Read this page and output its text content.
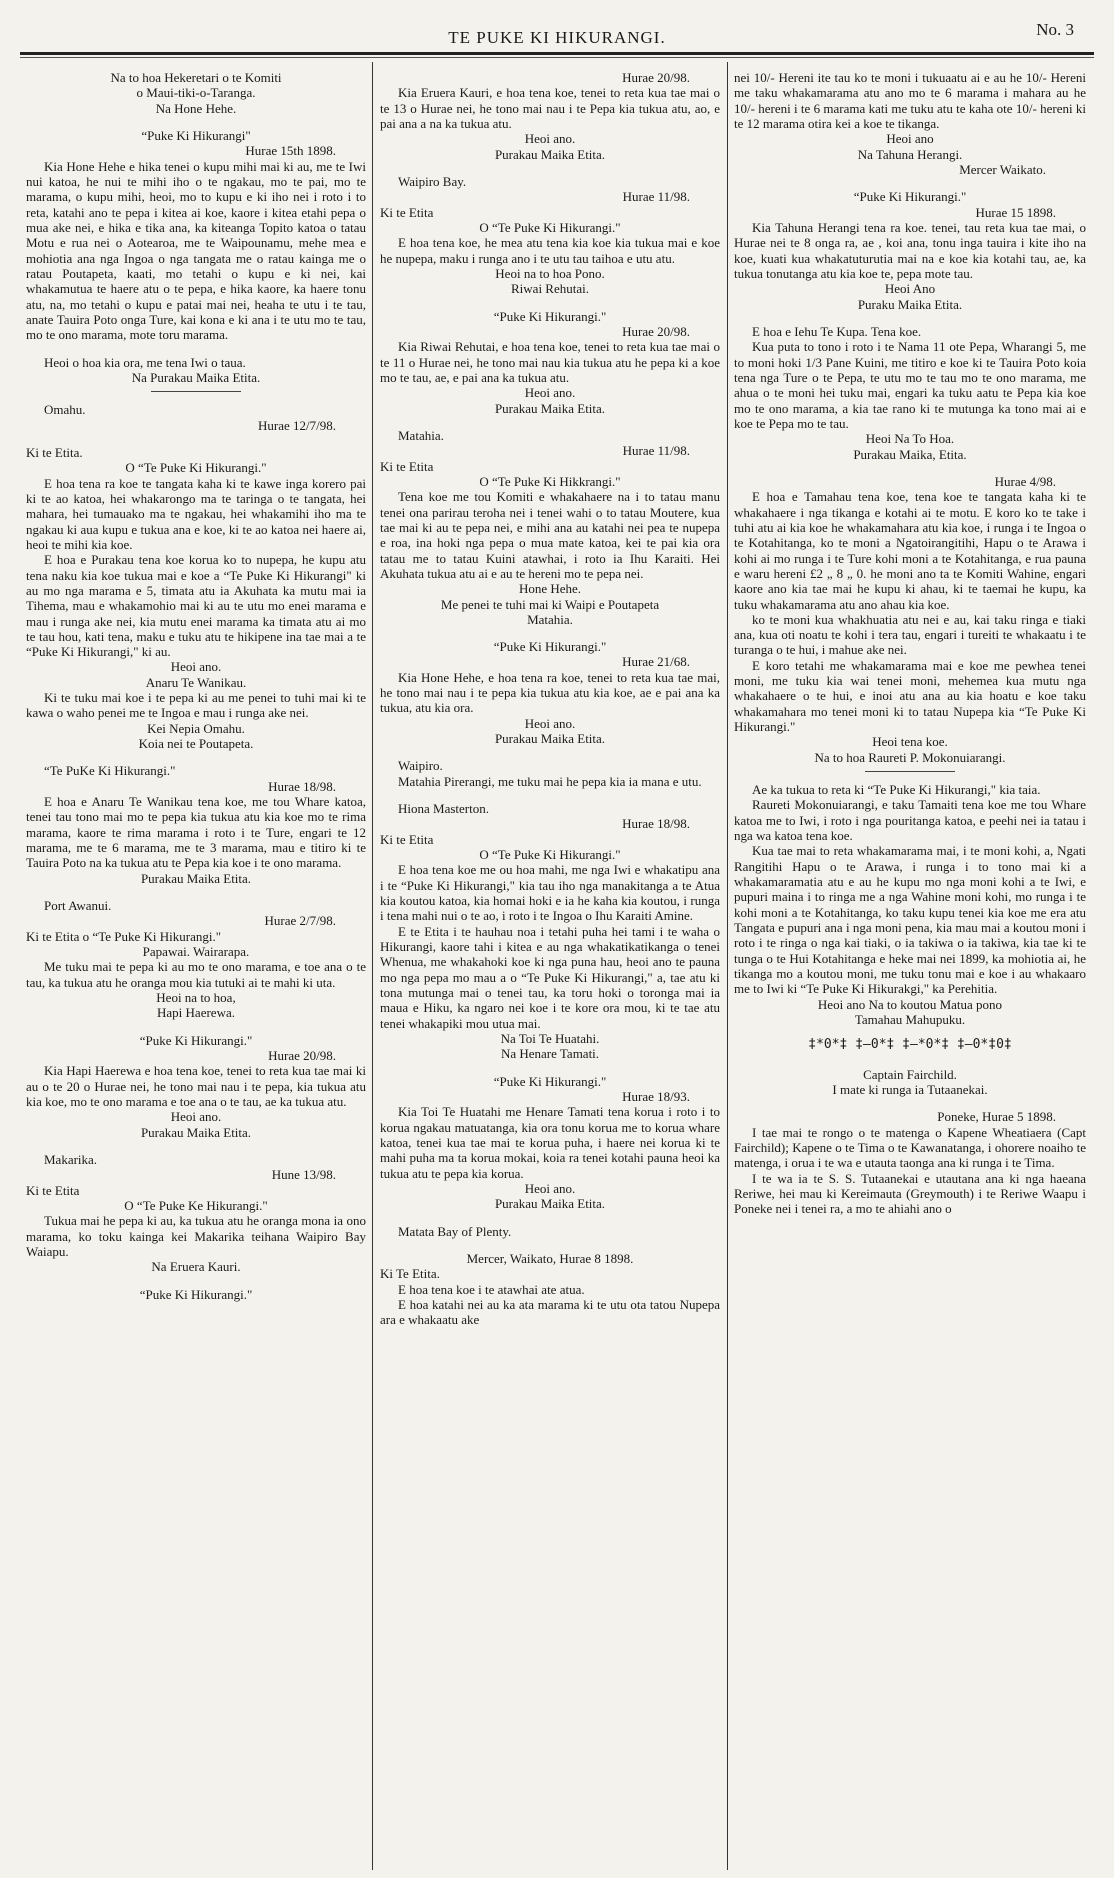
TE PUKE KI HIKURANGI.	No. 3

Na to hoa Hekeretari o te Komiti

o Maui-tiki-o-Taranga.

Na Hone Hehe.

“Puke Ki Hikurangi"

Hurae 15th 1898.

Kia Hone Hehe e hika tenei o kupu mihi mai ki au, me te Iwi nui katoa, he nui te mihi iho o te ngakau, mo te pai, mo te marama, o kupu mihi, heoi, mo to kupu e ki iho nei i roto i to reta, katahi ano te pepa i kitea ai koe, kaore i kitea etahi pepa o mua ake nei, e hika e tika ana, ka kiteanga Topito katoa o tatau Motu e rua nei o Aotearoa, me te Waipounamu, mehe mea e mohiotia ana nga Ingoa o nga tangata me o ratau kainga me o ratau Poutapeta, kaati, mo tetahi o kupu e ki nei, kai whakamutua te haere atu o te pepa, e hika kaore, ka haere tonu atu, na, mo tetahi o kupu e patai mai nei, heaha te utu i te tau, anate Tauira Poto onga Ture, kai kona e ki ana i te utu mo te tau, mo te ono marama, mote toru marama.

Heoi o hoa kia ora, me tena Iwi o taua.

Na Purakau Maika Etita.

Omahu.

Hurae 12/7/98.

Ki te Etita.

O “Te Puke Ki Hikurangi."

E hoa tena ra koe te tangata kaha ki te kawe inga korero pai ki te ao katoa, hei whakarongo ma te taringa o te tangata, hei mahara, hei tumauako ma te ngakau, hei whakamihi iho ma te ngakau ki aua kupu e tukua ana e koe, ki te ao katoa nei haere ai, heoi te mihi kia koe.

E hoa e Purakau tena koe korua ko to nupepa, he kupu atu tena naku kia koe tukua mai e koe a “Te Puke Ki Hikurangi" ki au mo nga marama e 5, timata atu ia Akuhata ka mutu mai ia Tihema, mau e whakamohio mai ki au te utu mo enei marama e mau i runga ake nei, kia mutu enei marama ka timata atu ai mo te tau hou, kati tena, maku e tuku atu te hikipene ina tae mai a te “Puke Ki Hikurangi," ki au.

Heoi ano.

Anaru Te Wanikau.

Ki te tuku mai koe i te pepa ki au me penei to tuhi mai ki te kawa o waho penei me te Ingoa e mau i runga ake nei.

Kei Nepia Omahu.

Koia nei te Poutapeta.

“Te PuKe Ki Hikurangi."

Hurae 18/98.

E hoa e Anaru Te Wanikau tena koe, me tou Whare katoa, tenei tau tono mai mo te pepa kia tukua atu kia koe mo te rima marama, kaore te rima marama i roto i te Ture, engari te 12 marama, me te 6 marama, me te 3 marama, mau e titiro ki te Tauira Poto na ka tukua atu te Pepa kia koe i te ono marama.

Purakau Maika Etita.

Port Awanui.

Hurae 2/7/98.

Ki te Etita o “Te Puke Ki Hikurangi."

Papawai. Wairarapa.

Me tuku mai te pepa ki au mo te ono marama, e toe ana o te tau, ka tukua atu he oranga mou kia tutuki ai te mahi ki uta.

Heoi na to hoa,

Hapi Haerewa.

“Puke Ki Hikurangi."

Hurae 20/98.

Kia Hapi Haerewa e hoa tena koe, tenei to reta kua tae mai ki au o te 20 o Hurae nei, he tono mai nau i te pepa, kia tukua atu kia koe, mo te ono marama e toe ana o te tau, ae ka tukua atu.

Heoi ano.

Purakau Maika Etita.

Makarika.

Hune 13/98.

Ki te Etita

O “Te Puke Ke Hikurangi."

Tukua mai he pepa ki au, ka tukua atu he oranga mona ia ono marama, ko toku kainga kei Makarika teihana Waipiro Bay Waiapu.

Na Eruera Kauri.

“Puke Ki Hikurangi."

Hurae 20/98.

Kia Eruera Kauri, e hoa tena koe, tenei to reta kua tae mai o te 13 o Hurae nei, he tono mai nau i te Pepa kia tukua atu, ao, e pai ana a na ka tukua atu.

Heoi ano.

Purakau Maika Etita.

Waipiro Bay.

Hurae 11/98.

Ki te Etita

O “Te Puke Ki Hikurangi."

E hoa tena koe, he mea atu tena kia koe kia tukua mai e koe he nupepa, maku i runga ano i te utu tau taihoa e utu atu.

Heoi na to hoa Pono.

Riwai Rehutai.

“Puke Ki Hikurangi."

Hurae 20/98.

Kia Riwai Rehutai, e hoa tena koe, tenei to reta kua tae mai o te 11 o Hurae nei, he tono mai nau kia tukua atu he pepa ki a koe mo te tau, ae, e pai ana ka tukua atu.

Heoi ano.

Purakau Maika Etita.

Matahia.

Hurae 11/98.

Ki te Etita

O “Te Puke Ki Hikkrangi."

Tena koe me tou Komiti e whakahaere na i to tatau manu tenei ona parirau teroha nei i tenei wahi o to tatau Moutere, kua tae mai ki au te pepa nei, e mihi ana au katahi nei pea te nupepa e roa, ina hoki nga pepa o mua mate katoa, kei te pai kia ora tatau me to tatau Kuini atawhai, i roto ia Ihu Karaiti. Hei Akuhata tukua atu ai e au te hereni mo te pepa nei.

Hone Hehe.

Me penei te tuhi mai ki Waipi e Poutapeta

Matahia.

“Puke Ki Hikurangi."

Hurae 21/68.

Kia Hone Hehe, e hoa tena ra koe, tenei to reta kua tae mai, he tono mai nau i te pepa kia tukua atu kia koe, ae e pai ana ka tukua, atu kia ora.

Heoi ano.

Purakau Maika Etita.

Waipiro.

Matahia Pirerangi, me tuku mai he pepa kia ia mana e utu.

Hiona Masterton.

Hurae 18/98.

Ki te Etita

O “Te Puke Ki Hikurangi."

E hoa tena koe me ou hoa mahi, me nga Iwi e whakatipu ana i te “Puke Ki Hikurangi," kia tau iho nga manakitanga a te Atua kia koutou katoa, kia homai hoki e ia he kaha kia koutou, i runga i tena mahi nui o te ao, i roto i te Ingoa o Ihu Karaiti Amine.

E te Etita i te hauhau noa i tetahi puha hei tami i te waha o Hikurangi, kaore tahi i kitea e au nga whakatikatikanga o tenei Whenua, me whakahoki koe ki nga puna hau, heoi ano te pauna mo nga pepa mo mau a o “Te Puke Ki Hikurangi," a, tae atu ki tona mutunga mai o tenei tau, ka toru hoki o toronga mai ia maua e Hiku, ka ngaro nei koe i te kore ora mou, ki te tae atu tenei whakapiki mou utua mai.

Na Toi Te Huatahi.

Na Henare Tamati.

“Puke Ki Hikurangi."

Hurae 18/93.

Kia Toi Te Huatahi me Henare Tamati tena korua i roto i to korua ngakau matuatanga, kia ora tonu korua me to korua whare katoa, tenei kua tae mai te korua puha, i haere nei korua ki te mahi puha ma ta korua mokai, koia ra tenei kotahi pauna heoi ka tukua atu te pepa kia korua.

Heoi ano.

Purakau Maika Etita.

Matata Bay of Plenty.

Mercer, Waikato, Hurae 8 1898.

Ki Te Etita.

E hoa tena koe i te atawhai ate atua.

E hoa katahi nei au ka ata marama ki te utu ota tatou Nupepa ara e whakaatu ake

nei 10/- Hereni ite tau ko te moni i tukuaatu ai e au he 10/- Hereni me taku whakamarama atu ano mo te 6 marama i mahara au he 10/- hereni i te 6 marama kati me tuku atu te kaha ote 10/- hereni ki te 12 marama otira kei a koe te tikanga.

Heoi ano

Na Tahuna Herangi.

Mercer Waikato.

“Puke Ki Hikurangi."

Hurae 15 1898.

Kia Tahuna Herangi tena ra koe. tenei, tau reta kua tae mai, o Hurae nei te 8 onga ra, ae , koi ana, tonu inga tauira i kite iho na koe, kuati kua whakatuturutia mai na e koe kia kotahi tau, ae, ka tukua tonutanga atu kia koe te, pepa mote tau.

Heoi Ano

Puraku Maika Etita.

E hoa e Iehu Te Kupa. Tena koe.

Kua puta to tono i roto i te Nama 11 ote Pepa, Wharangi 5, me to moni hoki 1/3 Pane Kuini, me titiro e koe ki te Tauira Poto koia tena nga Ture o te Pepa, te utu mo te tau mo te ono marama, me ahua o te moni hei tuku mai, engari ka tuku aatu te Pepa kia koe mo te ono marama, a kia tae rano ki te mutunga ka tono mai ai e koe te Pepa mo te tau.

Heoi Na To Hoa.

Purakau Maika, Etita.

Hurae 4/98.

E hoa e Tamahau tena koe, tena koe te tangata kaha ki te whakahaere i nga tikanga e kotahi ai te motu. E koro ko te take i tuhi atu ai kia koe he whakamahara atu kia koe, i runga i te Ingoa o te Kotahitanga, ko te moni a Ngatoirangitihi, Hapu o te Arawa i kohi ai mo runga i te Ture kohi moni a te Kotahitanga, e rua pauna e waru hereni £2 „ 8 „ 0. he moni ano ta te Komiti Wahine, engari kaore ano kia tae mai he kupu ki ahau, ki te taemai he kupu, ka tuku whakamarama atu ano ahau kia koe.

ko te moni kua whakhuatia atu nei e au, kai taku ringa e tiaki ana, kua oti noatu te kohi i tera tau, engari i tureiti te whakaatu i te turanga o te hui, i mahue ake nei.

E koro tetahi me whakamarama mai e koe me pewhea tenei moni, me tuku kia wai tenei moni, mehemea kua mutu nga whakahaere o te hui, e inoi atu ana au kia hoatu e koe taku whakamahara mo tenei moni ki to tatau Nupepa kia “Te Puke Ki Hikurangi."

Heoi tena koe.

Na to hoa Raureti P. Mokonuiarangi.

Ae ka tukua to reta ki “Te Puke Ki Hikurangi," kia taia.

Raureti Mokonuiarangi, e taku Tamaiti tena koe me tou Whare katoa me to Iwi, i roto i nga pouritanga katoa, e peehi nei ia tatau i nga wa katoa tena koe.

Kua tae mai to reta whakamarama mai, i te moni kohi, a, Ngati Rangitihi Hapu o te Arawa, i runga i to tono mai ki a whakamaramatia atu e au he kupu mo nga moni kohi a te Iwi, e pupuri maina i to ringa me a nga Wahine moni kohi, mo runga i te kohi moni a te Kotahitanga, ko taku kupu tenei kia koe me era atu Tangata e pupuri ana i nga moni pena, kia mau mai a koutou moni i roto i te ringa o nga kai tiaki, o ia takiwa o ia takiwa, kia tae ki te tunga o te Hui Kotahitanga e heke mai nei 1899, ka mohiotia ai, he tikanga mo a koutou moni, me tuku tonu mai e koe i au whakaaro me to Iwi ki “Te Puke Ki Hikurakgi," ka Perehitia.

Heoi ano Na to koutou Matua pono

Tamahau Mahupuku.

‡*0*‡ ‡—0*‡ ‡—*0*‡ ‡—0*‡0‡

Captain Fairchild.

I mate ki runga ia Tutaanekai.

Poneke, Hurae 5 1898.

I tae mai te rongo o te matenga o Kapene Wheatiaera (Capt Fairchild); Kapene o te Tima o te Kawanatanga, i ohorere noaiho te matenga, i orua i te wa e utauta taonga ana ki runga i te Tima.

I te wa ia te S. S. Tutaanekai e utautana ana ki nga haeana Reriwe, hei mau ki Kereimauta (Greymouth) i te Reriwe Waapu i Poneke nei i tenei ra, a mo te ahiahi ano o
